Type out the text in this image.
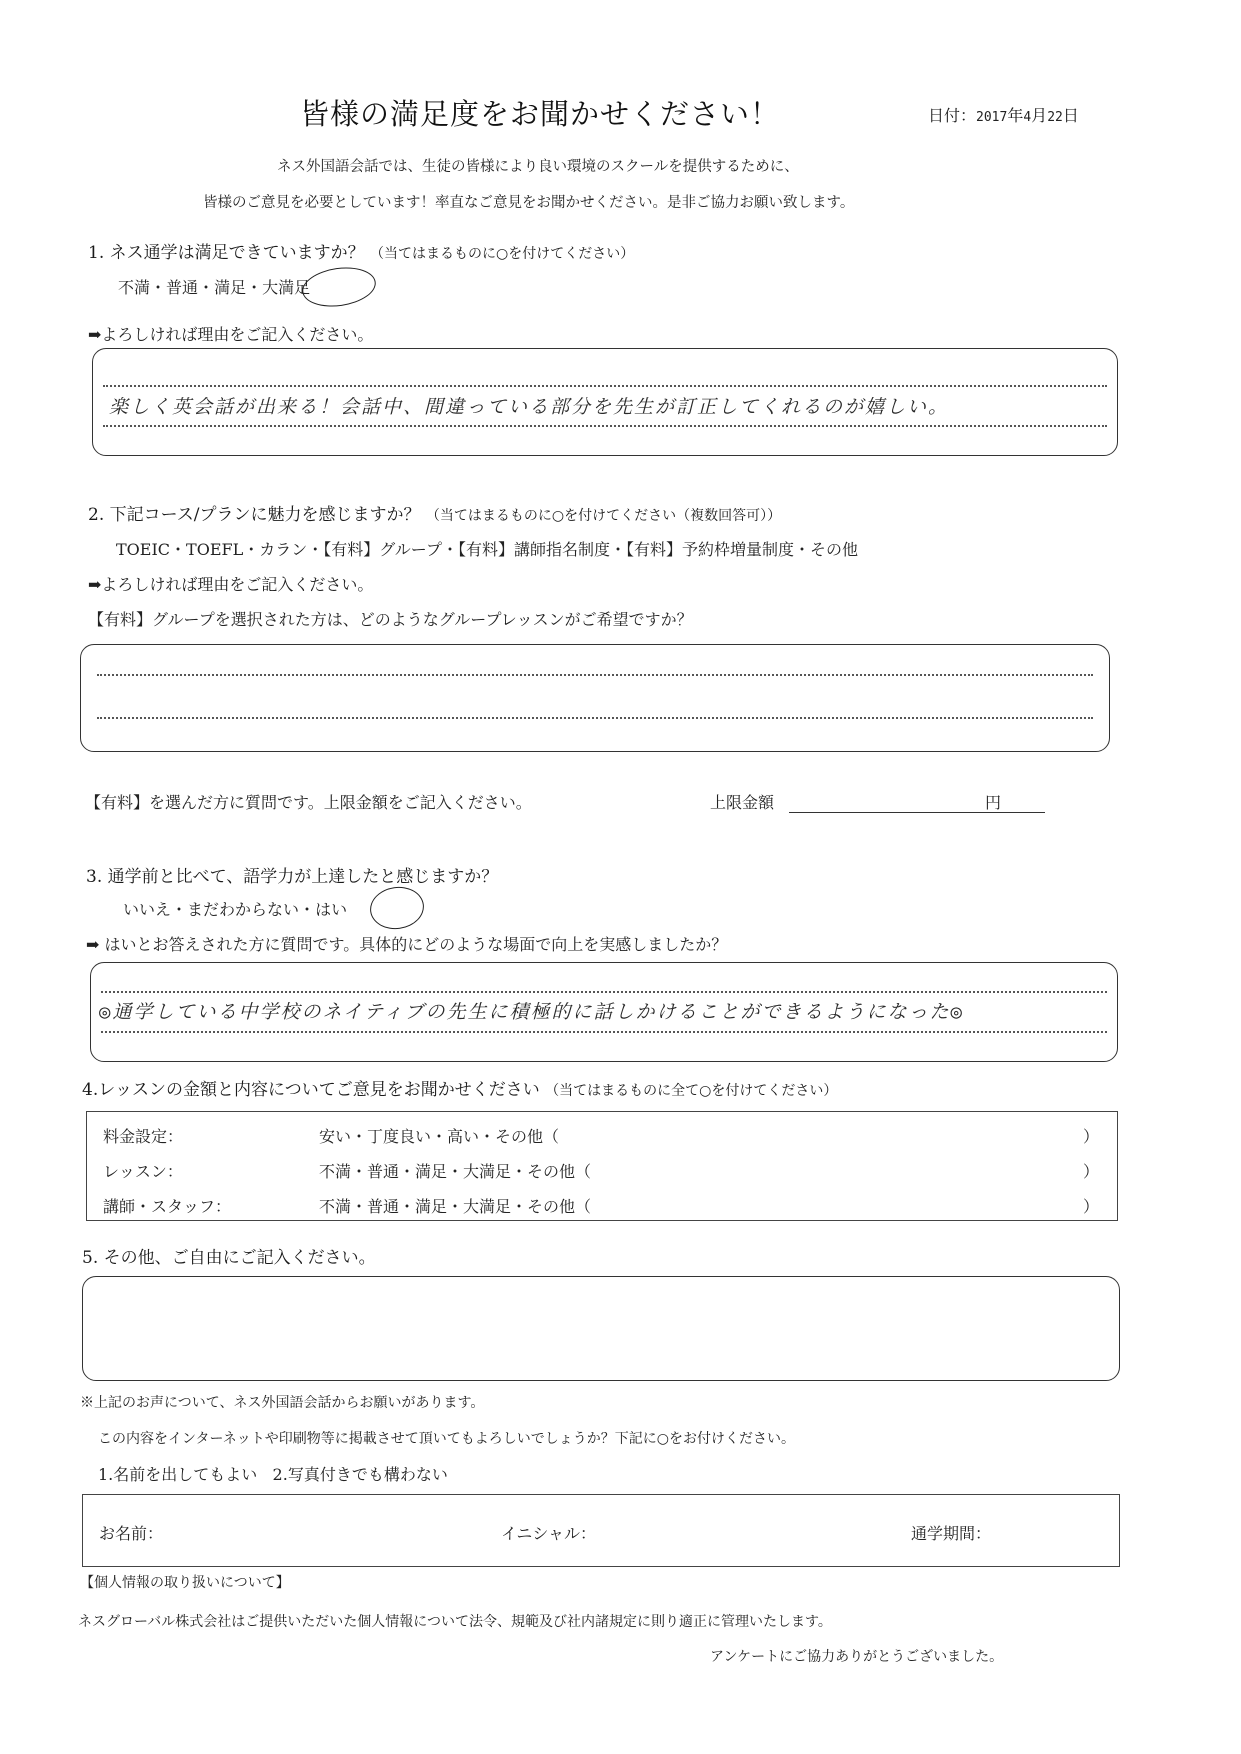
皆様の満足度をお聞かせください！	日付：2017年4月22日
ネス外国語会話では、生徒の皆様により良い環境のスクールを提供するために、
皆様のご意見を必要としています！率直なご意見をお聞かせください。是非ご協力お願い致します。
1. ネス通学は満足できていますか？ （当てはまるものに○を付けてください）
不満・普通・満足・大満足
➡よろしければ理由をご記入ください。
楽しく英会話が出来る！会話中、間違っている部分を先生が訂正してくれるのが嬉しい。
2. 下記コース/プランに魅力を感じますか？ （当てはまるものに○を付けてください（複数回答可））
TOEIC・TOEFL・カラン・【有料】グループ・【有料】講師指名制度・【有料】予約枠増量制度・その他
➡よろしければ理由をご記入ください。
【有料】グループを選択された方は、どのようなグループレッスンがご希望ですか？
【有料】を選んだ方に質問です。上限金額をご記入ください。	上限金額	円
3. 通学前と比べて、語学力が上達したと感じますか？
いいえ・まだわからない・はい
➡ はいとお答えされた方に質問です。具体的にどのような場面で向上を実感しましたか？
◎通学している中学校のネイティブの先生に積極的に話しかけることができるようになった◎
4.レッスンの金額と内容についてご意見をお聞かせください （当てはまるものに全て○を付けてください）
料金設定：	安い・丁度良い・高い・その他（	）
レッスン：	不満・普通・満足・大満足・その他（	）
講師・スタッフ：	不満・普通・満足・大満足・その他（	）
5. その他、ご自由にご記入ください。
※上記のお声について、ネス外国語会話からお願いがあります。
この内容をインターネットや印刷物等に掲載させて頂いてもよろしいでしょうか？下記に○をお付けください。
1.名前を出してもよい 2.写真付きでも構わない
お名前：	イニシャル：	通学期間：
【個人情報の取り扱いについて】
ネスグローバル株式会社はご提供いただいた個人情報について法令、規範及び社内諸規定に則り適正に管理いたします。
アンケートにご協力ありがとうございました。
